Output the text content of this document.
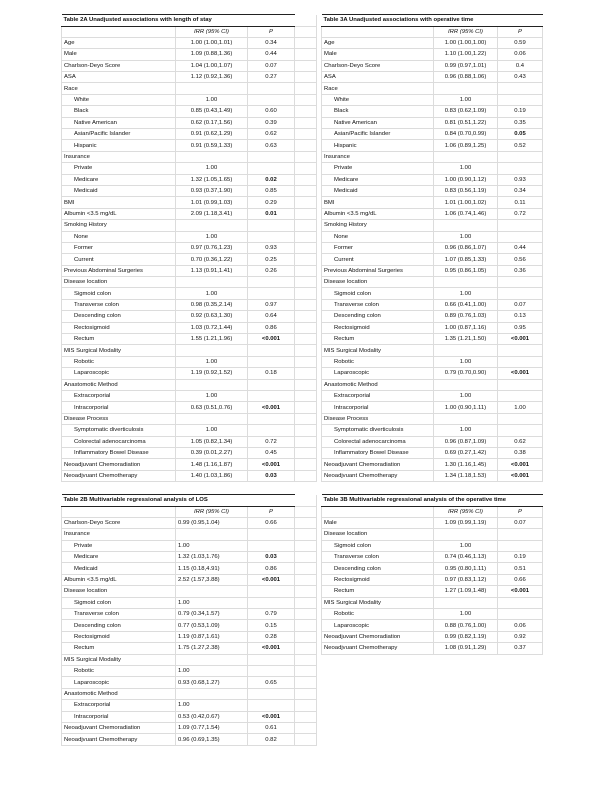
Table 2A Unadjusted associations with length of stay			
	IRR (95% CI)	P	
Age	1.00 (1.00,1.01)	0.34	
Male	1.09 (0.88,1.36)	0.44	
Charlson-Deyo Score	1.04 (1.00,1.07)	0.07	
ASA	1.12 (0.92,1.36)	0.27	
Race			
White	1.00		
Black	0.85 (0.43,1.49)	0.60	
Native American	0.62 (0.17,1.56)	0.39	
Asian/Pacific Islander	0.91 (0.62,1.29)	0.62	
Hispanic	0.91 (0.59,1.33)	0.63	
Insurance			
Private	1.00		
Medicare	1.32 (1.05,1.65)	0.02	
Medicaid	0.93 (0.37,1.90)	0.85	
BMI	1.01 (0.99,1.03)	0.29	
Albumin <3.5 mg/dL	2.09 (1.18,3.41)	0.01	
Smoking History			
None	1.00		
Former	0.97 (0.76,1.23)	0.93	
Current	0.70 (0.36,1.22)	0.25	
Previous Abdominal Surgeries	1.13 (0.91,1.41)	0.26	
Disease location			
Sigmoid colon	1.00		
Transverse colon	0.98 (0.35,2.14)	0.97	
Descending colon	0.92 (0.63,1.30)	0.64	
Rectosigmoid	1.03 (0.72,1.44)	0.86	
Rectum	1.55 (1.21,1.96)	<0.001	
MIS Surgical Modality			
Robotic	1.00		
Laparoscopic	1.19 (0.92,1.52)	0.18	
Anastomotic Method			
Extracorporial	1.00		
Intracorporial	0.63 (0.51,0.76)	<0.001	
Disease Process			
Symptomatic diverticulosis	1.00		
Colorectal adenocarcinoma	1.05 (0.82,1.34)	0.72	
Inflammatory Bowel Disease	0.39 (0.01,2.27)	0.45	
Neoadjuvant Chemoradiation	1.48 (1.16,1.87)	<0.001	
Neoadjvuant Chemotherapy	1.40 (1.03,1.86)	0.03	
Table 3A Unadjusted associations with operative time		
	IRR (95% CI)	P
Age	1.00 (1.00,1.00)	0.59
Male	1.10 (1.00,1.22)	0.06
Charlson-Deyo Score	0.99 (0.97,1.01)	0.4
ASA	0.96 (0.88,1.06)	0.43
Race		
White	1.00	
Black	0.83 (0.62,1.09)	0.19
Native American	0.81 (0.51,1.22)	0.35
Asian/Pacific Islander	0.84 (0.70,0.99)	0.05
Hispanic	1.06 (0.89,1.25)	0.52
Insurance		
Private	1.00	
Medicare	1.00 (0.90,1.12)	0.93
Medicaid	0.83 (0.56,1.19)	0.34
BMI	1.01 (1.00,1.02)	0.11
Albumin <3.5 mg/dL	1.06 (0.74,1.46)	0.72
Smoking History		
None	1.00	
Former	0.96 (0.86,1.07)	0.44
Current	1.07 (0.85,1.33)	0.56
Previous Abdominal Surgeries	0.95 (0.86,1.05)	0.36
Disease location		
Sigmoid colon	1.00	
Transverse colon	0.66 (0.41,1.00)	0.07
Descending colon	0.89 (0.76,1.03)	0.13
Rectosigmoid	1.00 (0.87,1.16)	0.95
Rectum	1.35 (1.21,1.50)	<0.001
MIS Surgical Modality		
Robotic	1.00	
Laparoscopic	0.79 (0.70,0.90)	<0.001
Anastomotic Method		
Extracorporial	1.00	
Intracorporial	1.00 (0.90,1.11)	1.00
Disease Process		
Symptomatic diverticulosis	1.00	
Colorectal adenocarcinoma	0.96 (0.87,1.09)	0.62
Inflammatory Bowel Disease	0.69 (0.27,1.42)	0.38
Neoadjuvant Chemoradiation	1.30 (1.16,1.45)	<0.001
Neoadjvuant Chemotherapy	1.34 (1.18,1.53)	<0.001
Table 2B Multivariable regressional analysis of LOS			
	IRR (95% CI)	P	
Charlson-Deyo Score	0.99 (0.95,1.04)	0.66	
Insurance			
Private	1.00		
Medicare	1.32 (1.03,1.76)	0.03	
Medicaid	1.15 (0.18,4.91)	0.86	
Albumin <3.5 mg/dL	2.52 (1.57,3.88)	<0.001	
Disease location			
Sigmoid colon	1.00		
Transverse colon	0.79 (0.34,1.57)	0.79	
Descending colon	0.77 (0.53,1.09)	0.15	
Rectosigmoid	1.19 (0.87,1.61)	0.28	
Rectum	1.75 (1.27,2.38)	<0.001	
MIS Surgical Modality			
Robotic	1.00		
Laparoscopic	0.93 (0.68,1.27)	0.65	
Anastomotic Method			
Extracorporial	1.00		
Intracorporial	0.53 (0.42,0.67)	<0.001	
Neoadjuvant Chemoradiation	1.09 (0.77,1.54)	0.61	
Neoadjvuant Chemotherapy	0.96 (0.69,1.35)	0.82	
Table 3B Multivariable regressional analysis of the operative time		
	IRR (95% CI)	P
Male	1.09 (0.99,1.19)	0.07
Disease location		
Sigmoid colon	1.00	
Transverse colon	0.74 (0.46,1.13)	0.19
Descending colon	0.95 (0.80,1.11)	0.51
Rectosigmoid	0.97 (0.83,1.12)	0.66
Rectum	1.27 (1.09,1.48)	<0.001
MIS Surgical Modality		
Robotic	1.00	
Laparoscopic	0.88 (0.76,1.00)	0.06
Neoadjuvant Chemoradiation	0.99 (0.82,1.19)	0.92
Neoadjvuant Chemotherapy	1.08 (0.91,1.29)	0.37
